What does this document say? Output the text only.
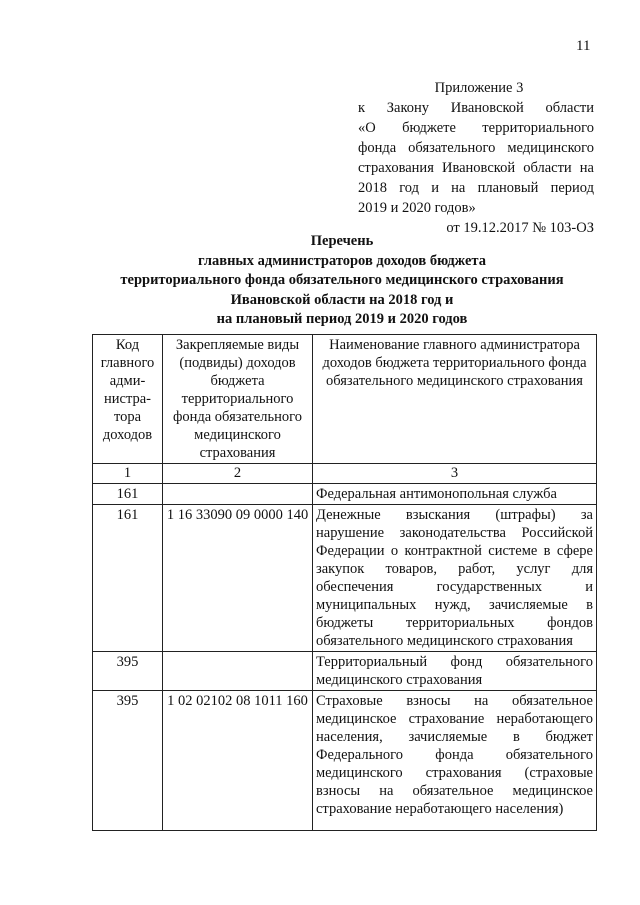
11
Приложение 3
к Закону Ивановской области
«О бюджете территориального
фонда обязательного медицинского
страхования Ивановской области на
2018 год и на плановый период
2019 и 2020 годов»
от 19.12.2017 № 103-ОЗ
Перечень
главных администраторов доходов бюджета
территориального фонда обязательного медицинского страхования
Ивановской области на 2018 год и
на плановый период 2019 и 2020 годов
Код главного адми-нистра-тора доходов	Закрепляемые виды (подвиды) доходов бюджета территориального фонда обязательного медицинского страхования	Наименование главного администратора доходов бюджета территориального фонда обязательного медицинского страхования
1	2	3
161		Федеральная антимонопольная служба
161	1 16 33090 09 0000 140	Денежные взыскания (штрафы) за нарушение законодательства Российской Федерации о контрактной системе в сфере закупок товаров, работ, услуг для обеспечения государственных и муниципальных нужд, зачисляемые в бюджеты территориальных фондов обязательного медицинского страхования
395		Территориальный фонд обязательного медицинского страхования
395	1 02 02102 08 1011 160	Страховые взносы на обязательное медицинское страхование неработающего населения, зачисляемые в бюджет Федерального фонда обязательного медицинского страхования (страховые взносы на обязательное медицинское страхование неработающего населения)
